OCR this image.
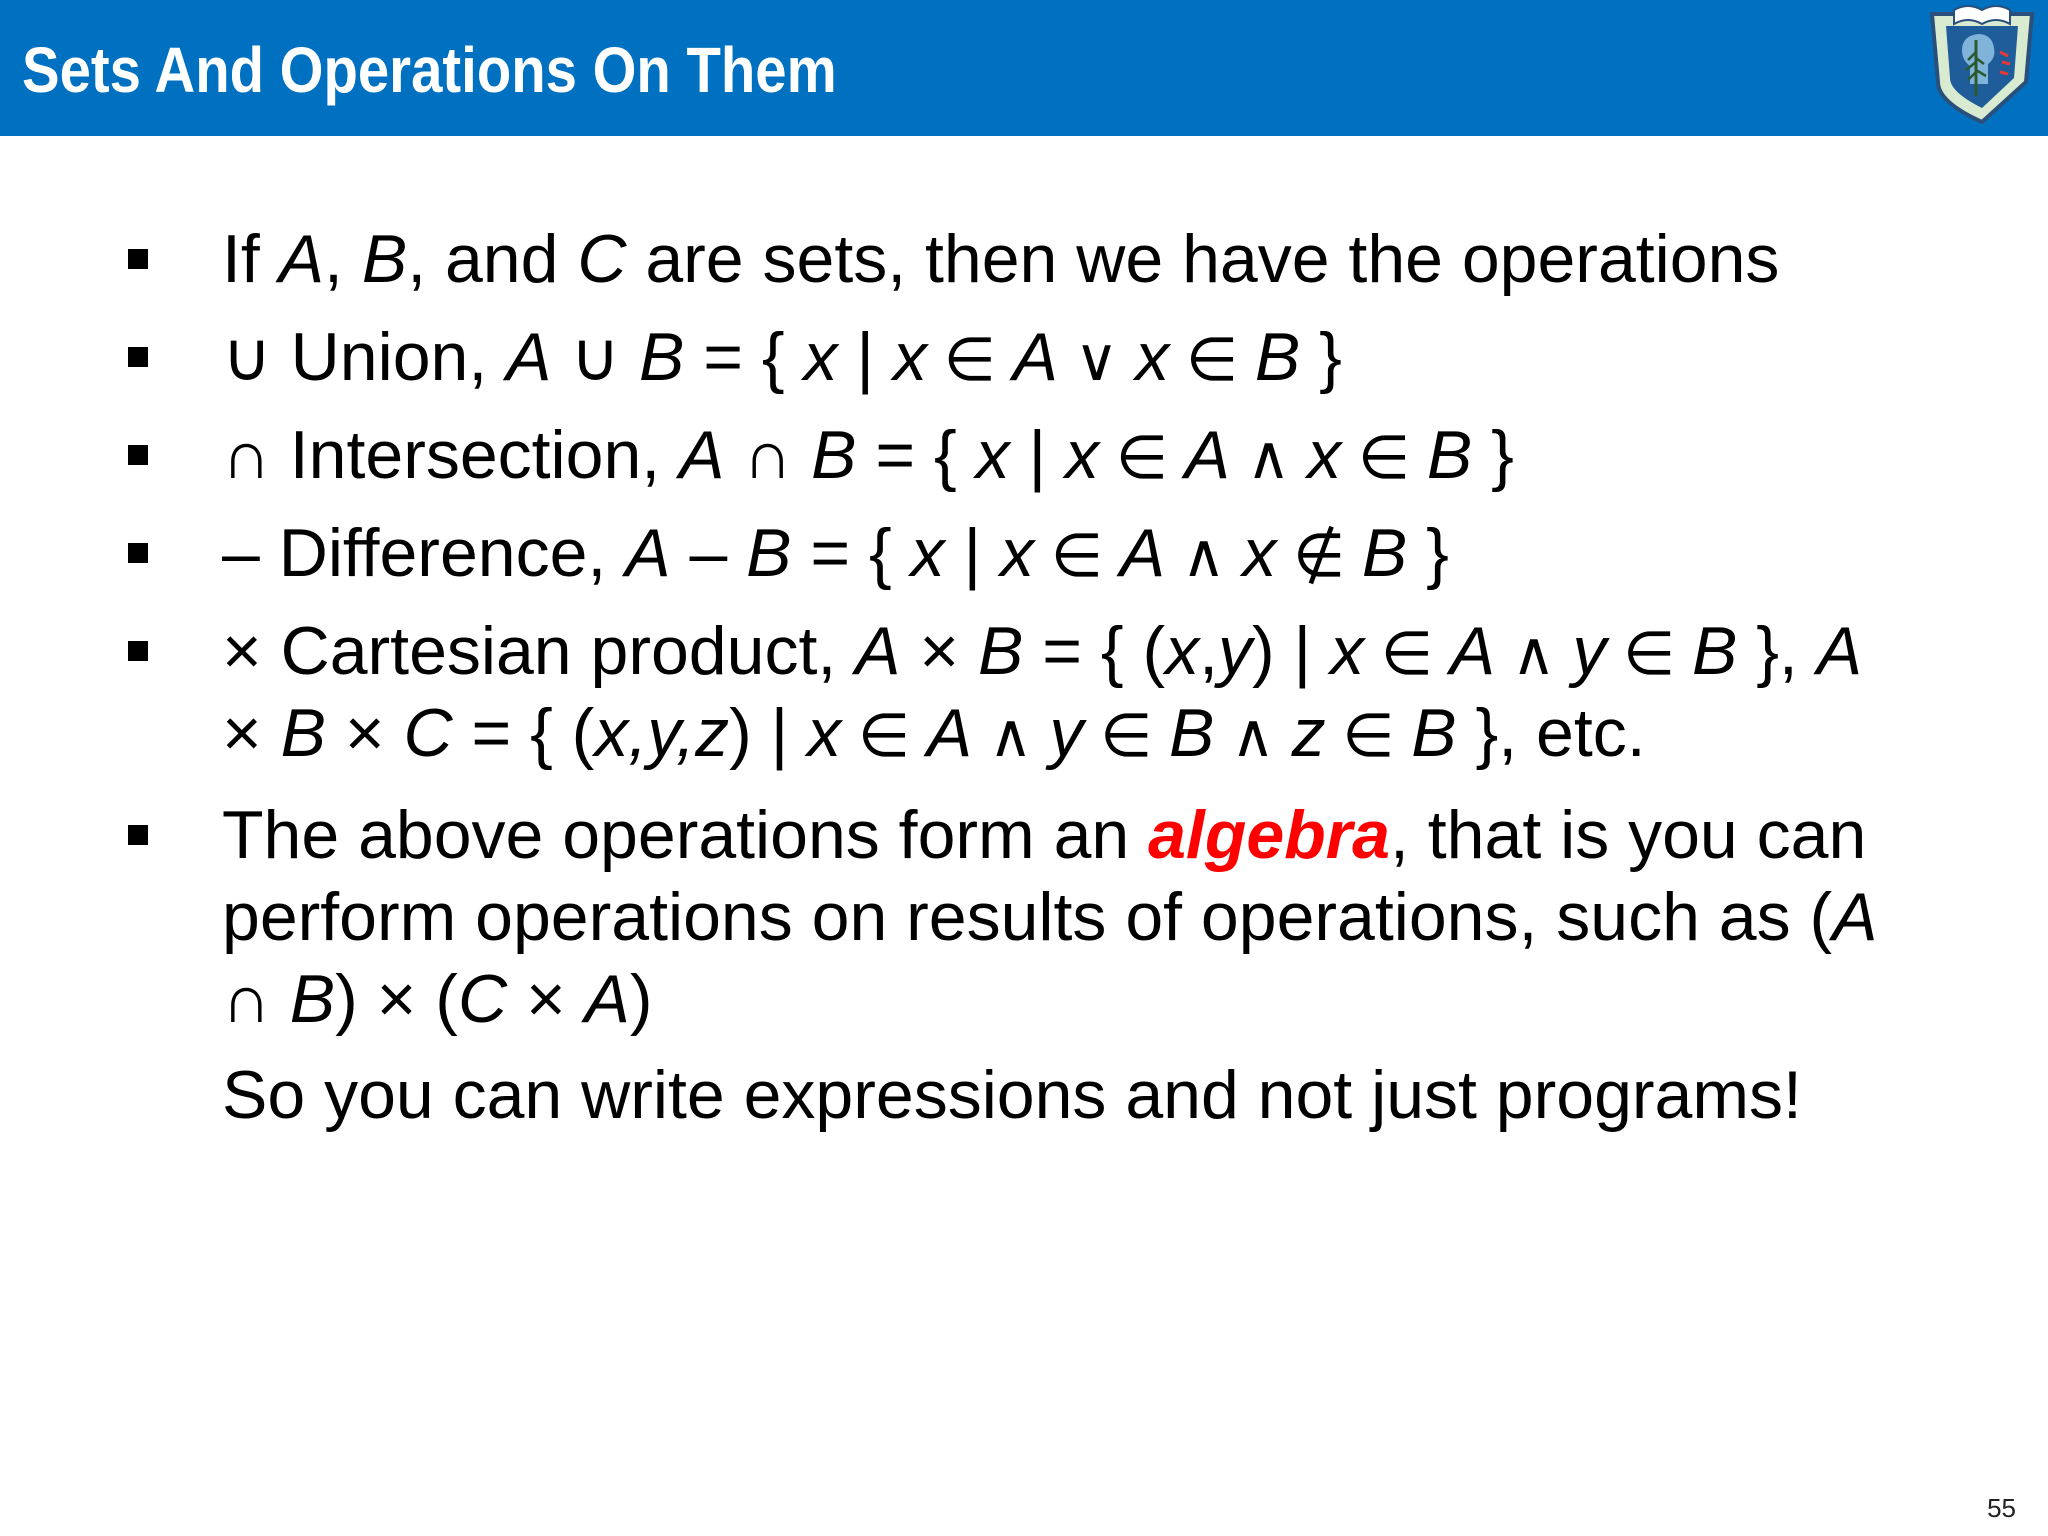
Sets And Operations On Them
If A, B, and C are sets, then we have the operations
∪ Union, A ∪ B = { x | x ∈ A ∨ x ∈ B }
∩ Intersection, A ∩ B = { x | x ∈ A ∧ x ∈ B }
– Difference, A – B = { x | x ∈ A ∧ x ∉ B }
× Cartesian product, A × B = { (x,y) | x ∈ A ∧ y ∈ B }, A
× B × C = { (x,y,z) | x ∈ A ∧ y ∈ B ∧ z ∈ B }, etc.
The above operations form an algebra, that is you can
perform operations on results of operations, such as (A
∩ B) × (C × A)
So you can write expressions and not just programs!
55
